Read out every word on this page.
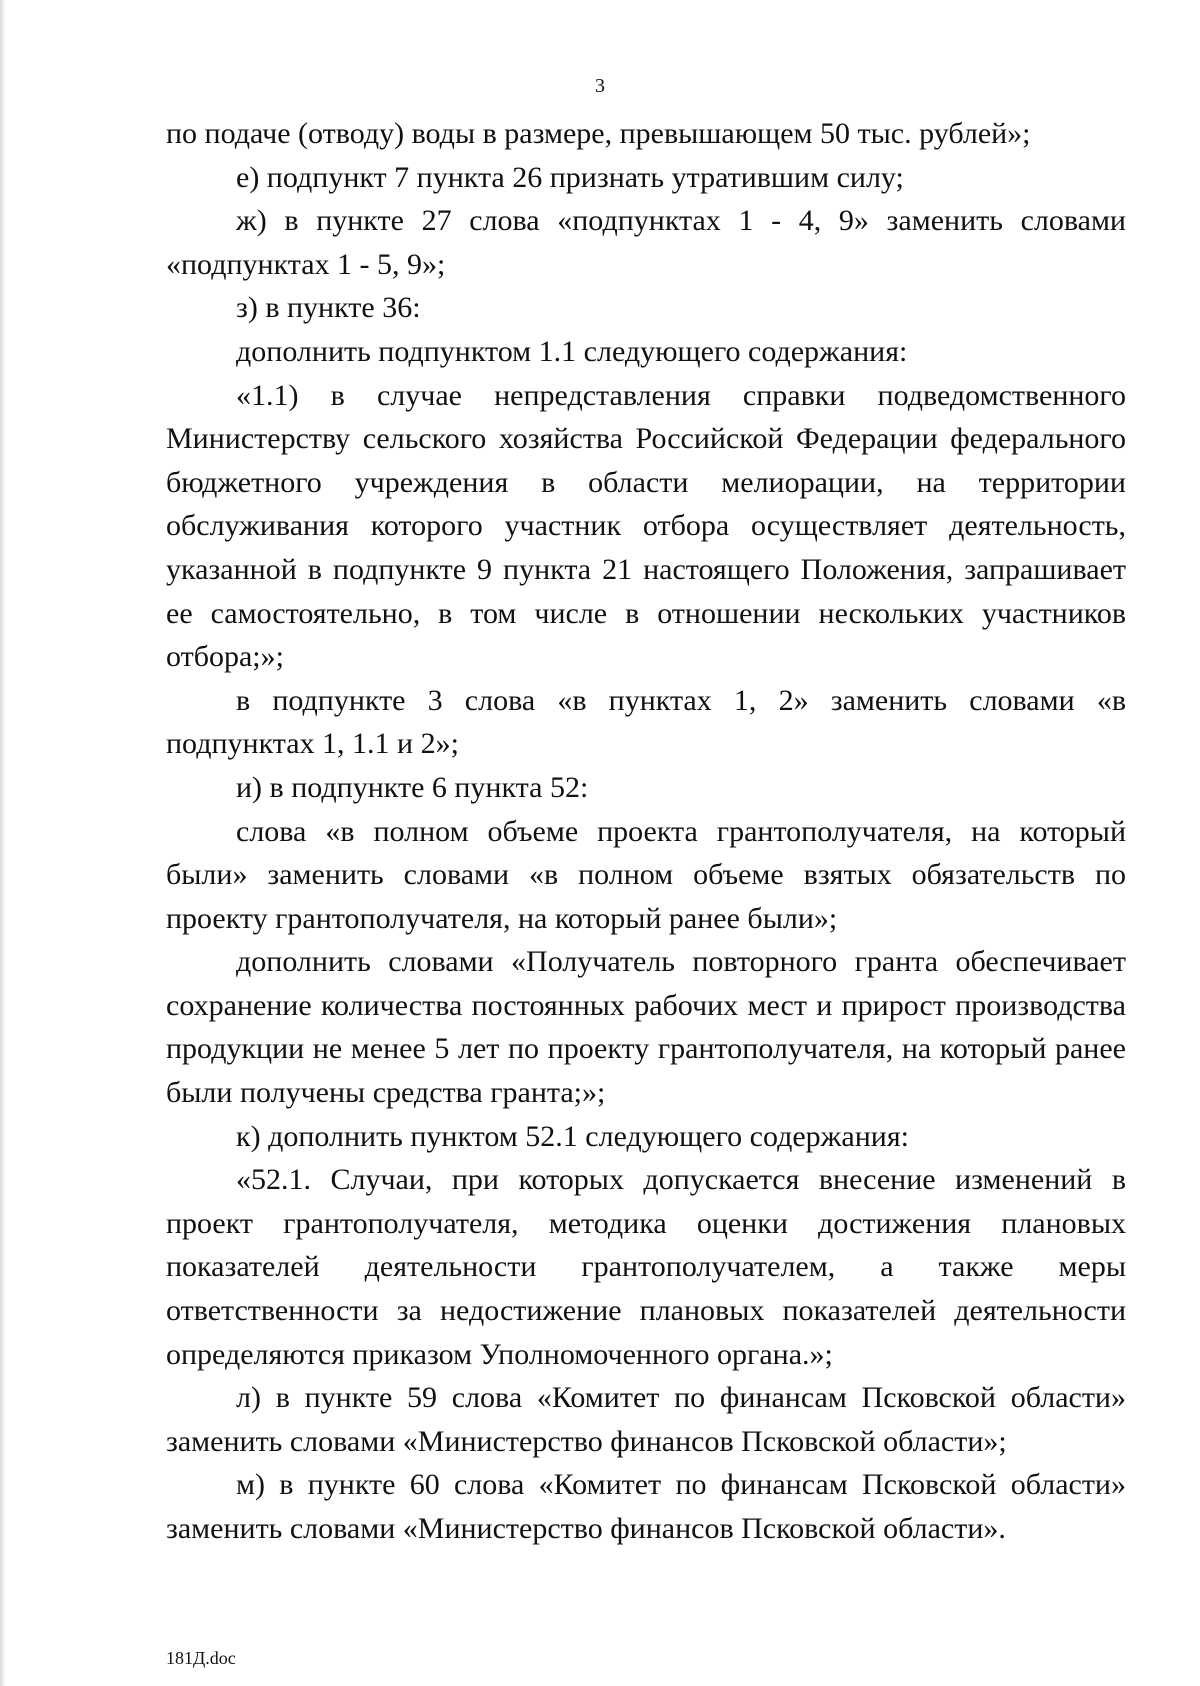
3

по подаче (отводу) воды в размере, превышающем 50 тыс. рублей»;

е) подпункт 7 пункта 26 признать утратившим силу;

ж) в пункте 27 слова «подпунктах 1 - 4, 9» заменить словами «подпунктах 1 - 5, 9»;

з) в пункте 36:

дополнить подпунктом 1.1 следующего содержания:

«1.1) в случае непредставления справки подведомственного Министерству сельского хозяйства Российской Федерации федерального бюджетного учреждения в области мелиорации, на территории обслуживания которого участник отбора осуществляет деятельность, указанной в подпункте 9 пункта 21 настоящего Положения, запрашивает ее самостоятельно, в том числе в отношении нескольких участников отбора;»;

в подпункте 3 слова «в пунктах 1, 2» заменить словами «в подпунктах 1, 1.1 и 2»;

и) в подпункте 6 пункта 52:

слова «в полном объеме проекта грантополучателя, на который были» заменить словами «в полном объеме взятых обязательств по проекту грантополучателя, на который ранее были»;

дополнить словами «Получатель повторного гранта обеспечивает сохранение количества постоянных рабочих мест и прирост производства продукции не менее 5 лет по проекту грантополучателя, на который ранее были получены средства гранта;»;

к) дополнить пунктом 52.1 следующего содержания:

«52.1. Случаи, при которых допускается внесение изменений в проект грантополучателя, методика оценки достижения плановых показателей деятельности грантополучателем, а также меры ответственности за недостижение плановых показателей деятельности определяются приказом Уполномоченного органа.»;

л) в пункте 59 слова «Комитет по финансам Псковской области» заменить словами «Министерство финансов Псковской области»;

м) в пункте 60 слова «Комитет по финансам Псковской области» заменить словами «Министерство финансов Псковской области».

181Д.doc
